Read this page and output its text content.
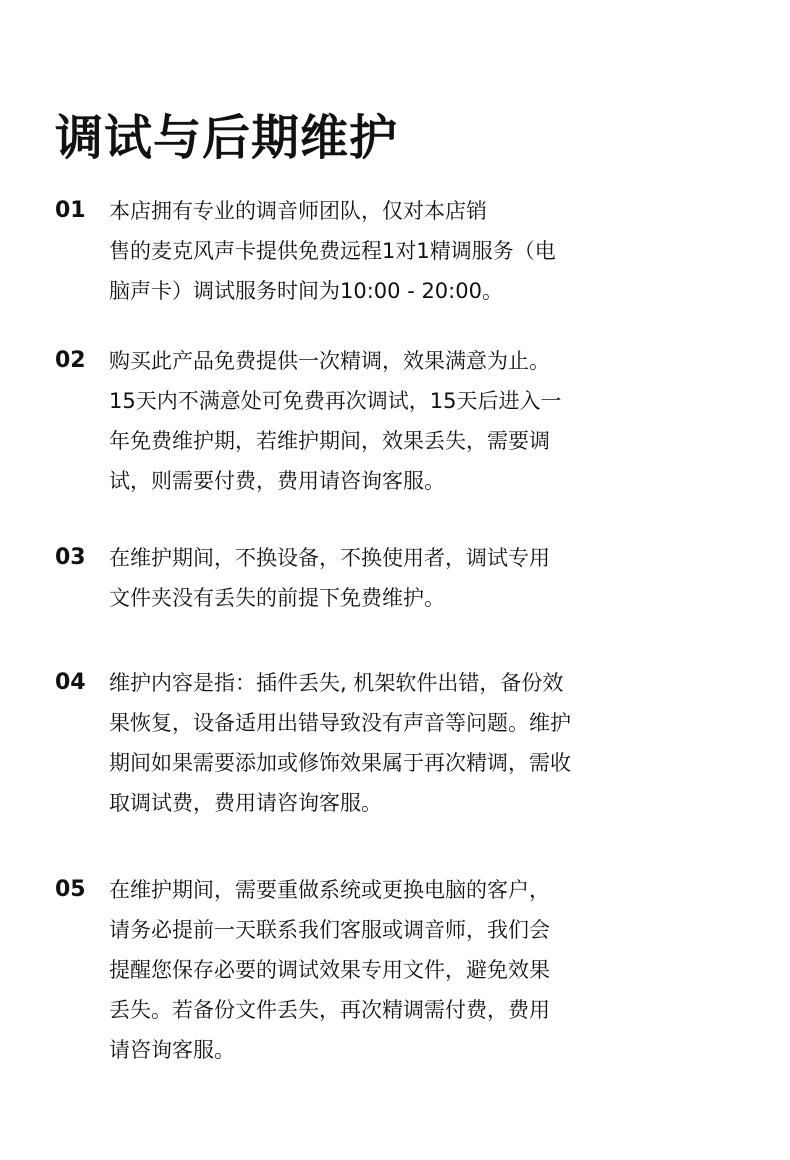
调试与后期维护
01	本店拥有专业的调音师团队，仅对本店销
售的麦克风声卡提供免费远程1对1精调服务（电
脑声卡）调试服务时间为10:00 - 20:00。
02	购买此产品免费提供一次精调，效果满意为止。
15天内不满意处可免费再次调试，15天后进入一
年免费维护期，若维护期间，效果丢失，需要调
试，则需要付费，费用请咨询客服。
03	在维护期间，不换设备，不换使用者，调试专用
文件夹没有丢失的前提下免费维护。
04	维护内容是指：插件丢失, 机架软件出错，备份效
果恢复，设备适用出错导致没有声音等问题。维护
期间如果需要添加或修饰效果属于再次精调，需收
取调试费，费用请咨询客服。
05	在维护期间，需要重做系统或更换电脑的客户，
请务必提前一天联系我们客服或调音师，我们会
提醒您保存必要的调试效果专用文件，避免效果
丢失。若备份文件丢失，再次精调需付费，费用
请咨询客服。
